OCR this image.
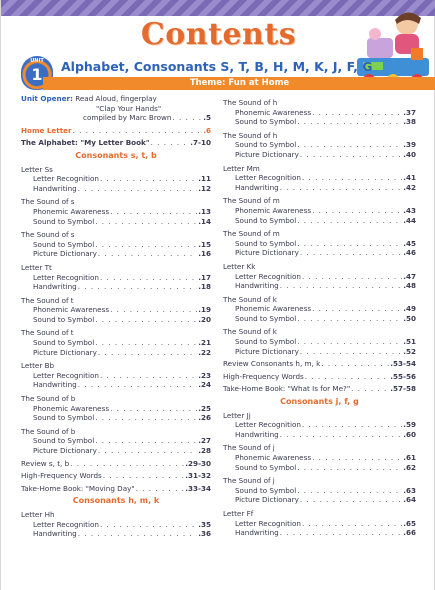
Contents
UNIT
1	Alphabet, Consonants S, T, B, H, M, K, J, F, G
Theme: Fun at Home
Unit Opener: Read Aloud, fingerplay
"Clap Your Hands"
compiled by Marc Brown . . .	.5
Home Letter . . .	.6
The Alphabet: "My Letter Book" . . .	.7-10
Consonants s, t, b
Letter Ss
Letter Recognition . . .	.11
Handwriting . . .	.12
The Sound of s
Phonemic Awareness . . .	.13
Sound to Symbol . . .	.14
The Sound of s
Sound to Symbol . . .	.15
Picture Dictionary . . .	.16
Letter Tt
Letter Recognition . . .	.17
Handwriting . . .	.18
The Sound of t
Phonemic Awareness . . .	.19
Sound to Symbol . . .	.20
The Sound of t
Sound to Symbol . . .	.21
Picture Dictionary . . .	.22
Letter Bb
Letter Recognition . . .	.23
Handwriting . . .	.24
The Sound of b
Phonemic Awareness . . .	.25
Sound to Symbol . . .	.26
The Sound of b
Sound to Symbol . . .	.27
Picture Dictionary . . .	.28
Review s, t, b . . .	.29-30
High-Frequency Words . . .	.31-32
Take-Home Book: "Moving Day" . . .	.33-34
Consonants h, m, k
Letter Hh
Letter Recognition . . .	.35
Handwriting . . .	.36
The Sound of h
Phonemic Awareness . . .	.37
Sound to Symbol . . .	.38
The Sound of h
Sound to Symbol . . .	.39
Picture Dictionary . . .	.40
Letter Mm
Letter Recognition . . .	.41
Handwriting . . .	.42
The Sound of m
Phonemic Awareness . . .	.43
Sound to Symbol . . .	.44
The Sound of m
Sound to Symbol . . .	.45
Picture Dictionary . . .	.46
Letter Kk
Letter Recognition . . .	.47
Handwriting . . .	.48
The Sound of k
Phonemic Awareness . . .	.49
Sound to Symbol . . .	.50
The Sound of k
Sound to Symbol . . .	.51
Picture Dictionary . . .	.52
Review Consonants h, m, k . . .	.53-54
High-Frequency Words . . .	.55-56
Take-Home Book: "What Is for Me?" . . .	.57-58
Consonants j, f, g
Letter Jj
Letter Recognition . . .	.59
Handwriting . . .	.60
The Sound of j
Phonemic Awareness . . .	.61
Sound to Symbol . . .	.62
The Sound of j
Sound to Symbol . . .	.63
Picture Dictionary . . .	.64
Letter Ff
Letter Recognition . . .	.65
Handwriting . . .	.66
